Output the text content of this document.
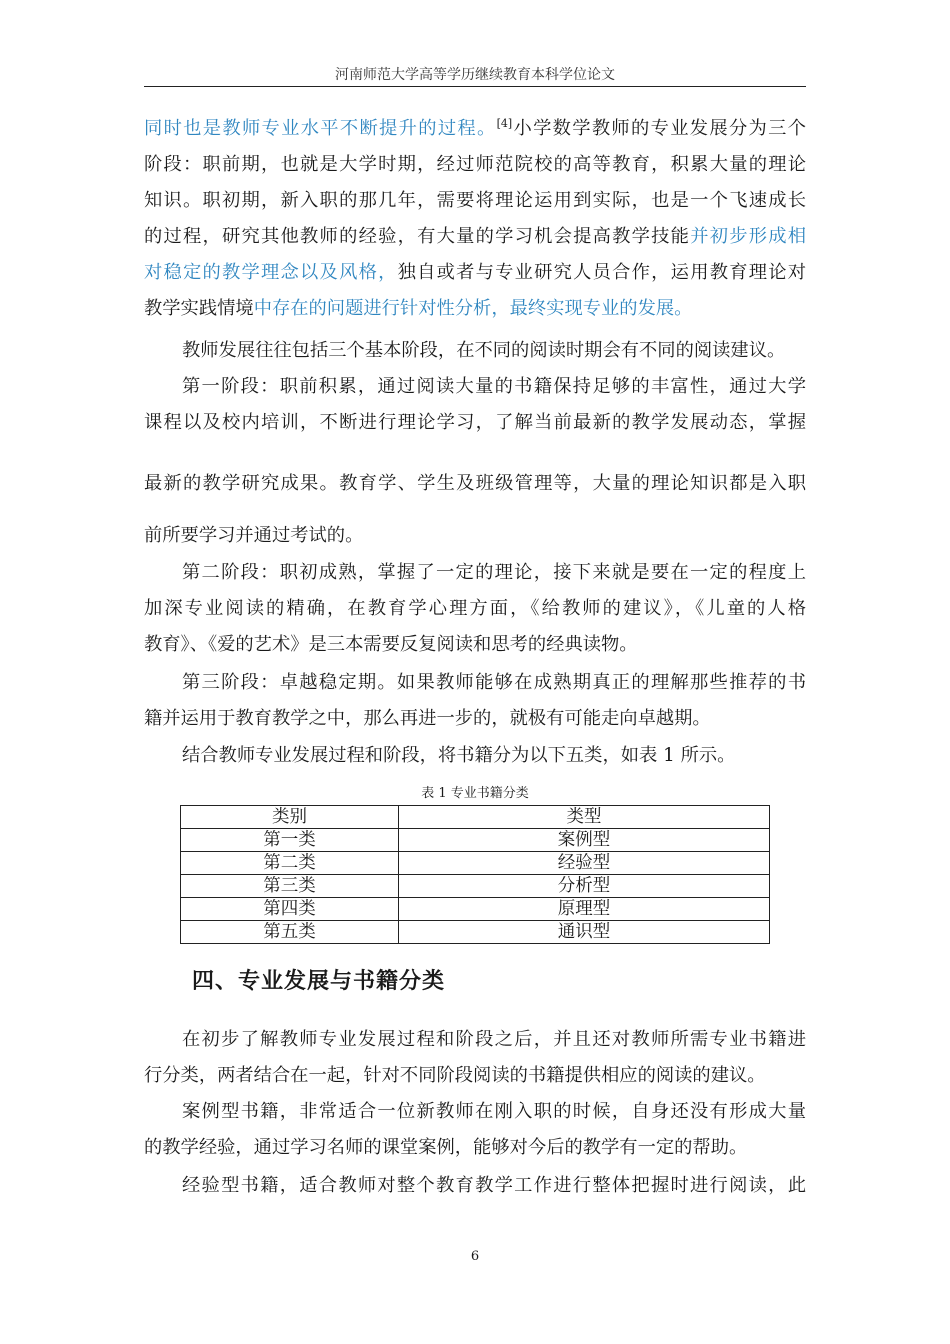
河南师范大学高等学历继续教育本科学位论文
同时也是教师专业水平不断提升的过程。[4]小学数学教师的专业发展分为三个
阶段：职前期，也就是大学时期，经过师范院校的高等教育，积累大量的理论
知识。职初期，新入职的那几年，需要将理论运用到实际，也是一个飞速成长
的过程，研究其他教师的经验，有大量的学习机会提高教学技能并初步形成相
对稳定的教学理念以及风格，独自或者与专业研究人员合作，运用教育理论对
教学实践情境中存在的问题进行针对性分析，最终实现专业的发展。
教师发展往往包括三个基本阶段，在不同的阅读时期会有不同的阅读建议。
第一阶段：职前积累，通过阅读大量的书籍保持足够的丰富性，通过大学
课程以及校内培训，不断进行理论学习，了解当前最新的教学发展动态，掌握
最新的教学研究成果。教育学、学生及班级管理等，大量的理论知识都是入职
前所要学习并通过考试的。
第二阶段：职初成熟，掌握了一定的理论，接下来就是要在一定的程度上
加深专业阅读的精确，在教育学心理方面，《给教师的建议》，《儿童的人格
教育》、《爱的艺术》是三本需要反复阅读和思考的经典读物。
第三阶段：卓越稳定期。如果教师能够在成熟期真正的理解那些推荐的书
籍并运用于教育教学之中，那么再进一步的，就极有可能走向卓越期。
结合教师专业发展过程和阶段，将书籍分为以下五类，如表 1 所示。
表 1 专业书籍分类
类别	类型
第一类	案例型
第二类	经验型
第三类	分析型
第四类	原理型
第五类	通识型
四、专业发展与书籍分类
在初步了解教师专业发展过程和阶段之后，并且还对教师所需专业书籍进
行分类，两者结合在一起，针对不同阶段阅读的书籍提供相应的阅读的建议。
案例型书籍，非常适合一位新教师在刚入职的时候，自身还没有形成大量
的教学经验，通过学习名师的课堂案例，能够对今后的教学有一定的帮助。
经验型书籍，适合教师对整个教育教学工作进行整体把握时进行阅读，此
6
